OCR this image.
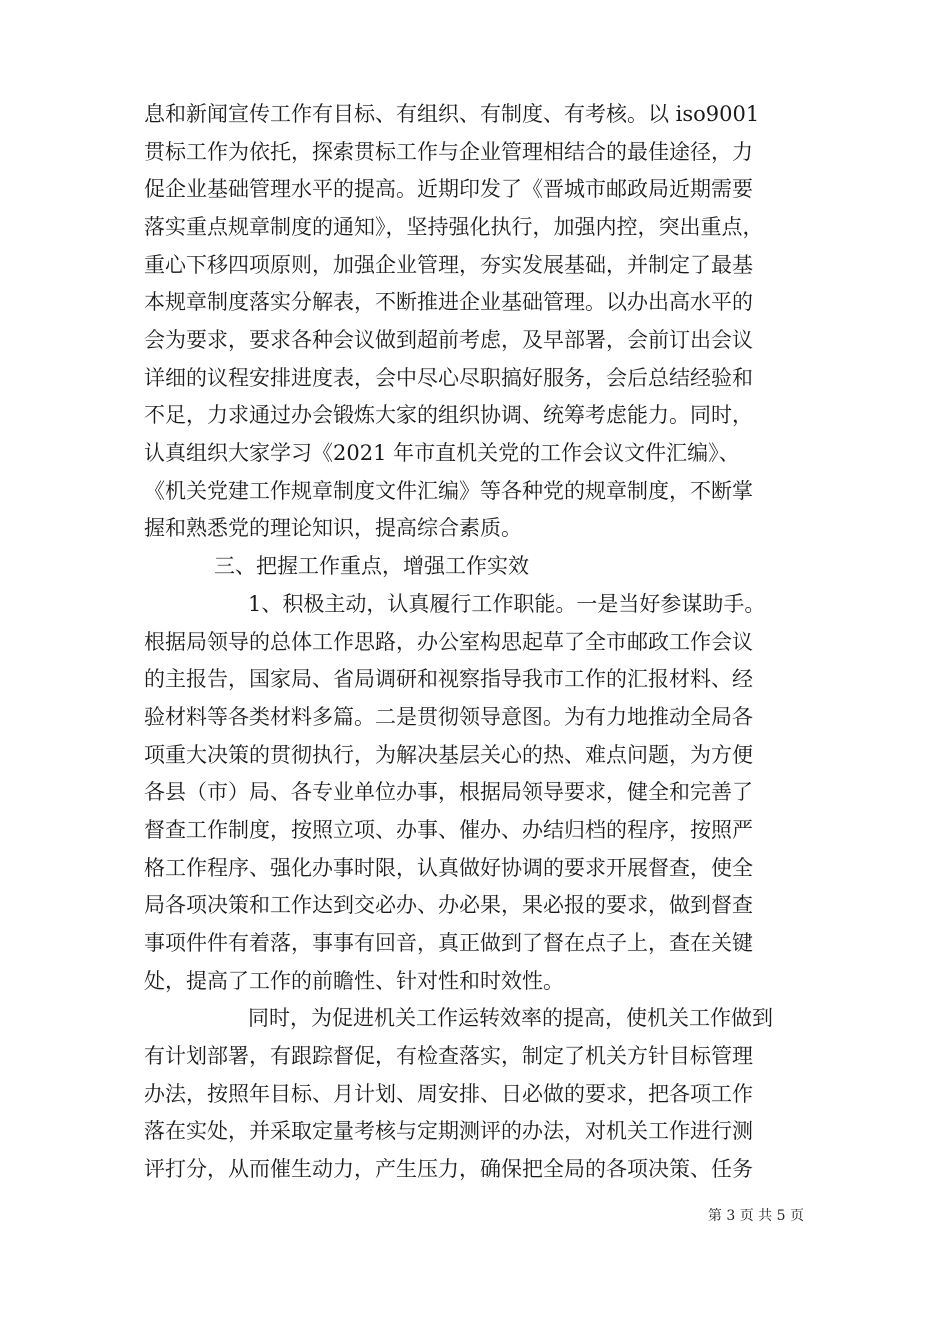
息和新闻宣传工作有目标、有组织、有制度、有考核。以 iso9001
贯标工作为依托，探索贯标工作与企业管理相结合的最佳途径，力
促企业基础管理水平的提高。近期印发了《晋城市邮政局近期需要
落实重点规章制度的通知》，坚持强化执行，加强内控，突出重点，
重心下移四项原则，加强企业管理，夯实发展基础，并制定了最基
本规章制度落实分解表，不断推进企业基础管理。以办出高水平的
会为要求，要求各种会议做到超前考虑，及早部署，会前订出会议
详细的议程安排进度表，会中尽心尽职搞好服务，会后总结经验和
不足，力求通过办会锻炼大家的组织协调、统筹考虑能力。同时，
认真组织大家学习《2021 年市直机关党的工作会议文件汇编》、
《机关党建工作规章制度文件汇编》等各种党的规章制度，不断掌
握和熟悉党的理论知识，提高综合素质。
三、把握工作重点，增强工作实效
1、积极主动，认真履行工作职能。一是当好参谋助手。
根据局领导的总体工作思路，办公室构思起草了全市邮政工作会议
的主报告，国家局、省局调研和视察指导我市工作的汇报材料、经
验材料等各类材料多篇。二是贯彻领导意图。为有力地推动全局各
项重大决策的贯彻执行，为解决基层关心的热、难点问题，为方便
各县（市）局、各专业单位办事，根据局领导要求，健全和完善了
督查工作制度，按照立项、办事、催办、办结归档的程序，按照严
格工作程序、强化办事时限，认真做好协调的要求开展督查，使全
局各项决策和工作达到交必办、办必果，果必报的要求，做到督查
事项件件有着落，事事有回音，真正做到了督在点子上，查在关键
处，提高了工作的前瞻性、针对性和时效性。
同时，为促进机关工作运转效率的提高，使机关工作做到
有计划部署，有跟踪督促，有检查落实，制定了机关方针目标管理
办法，按照年目标、月计划、周安排、日必做的要求，把各项工作
落在实处，并采取定量考核与定期测评的办法，对机关工作进行测
评打分，从而催生动力，产生压力，确保把全局的各项决策、任务
第 3 页 共 5 页
